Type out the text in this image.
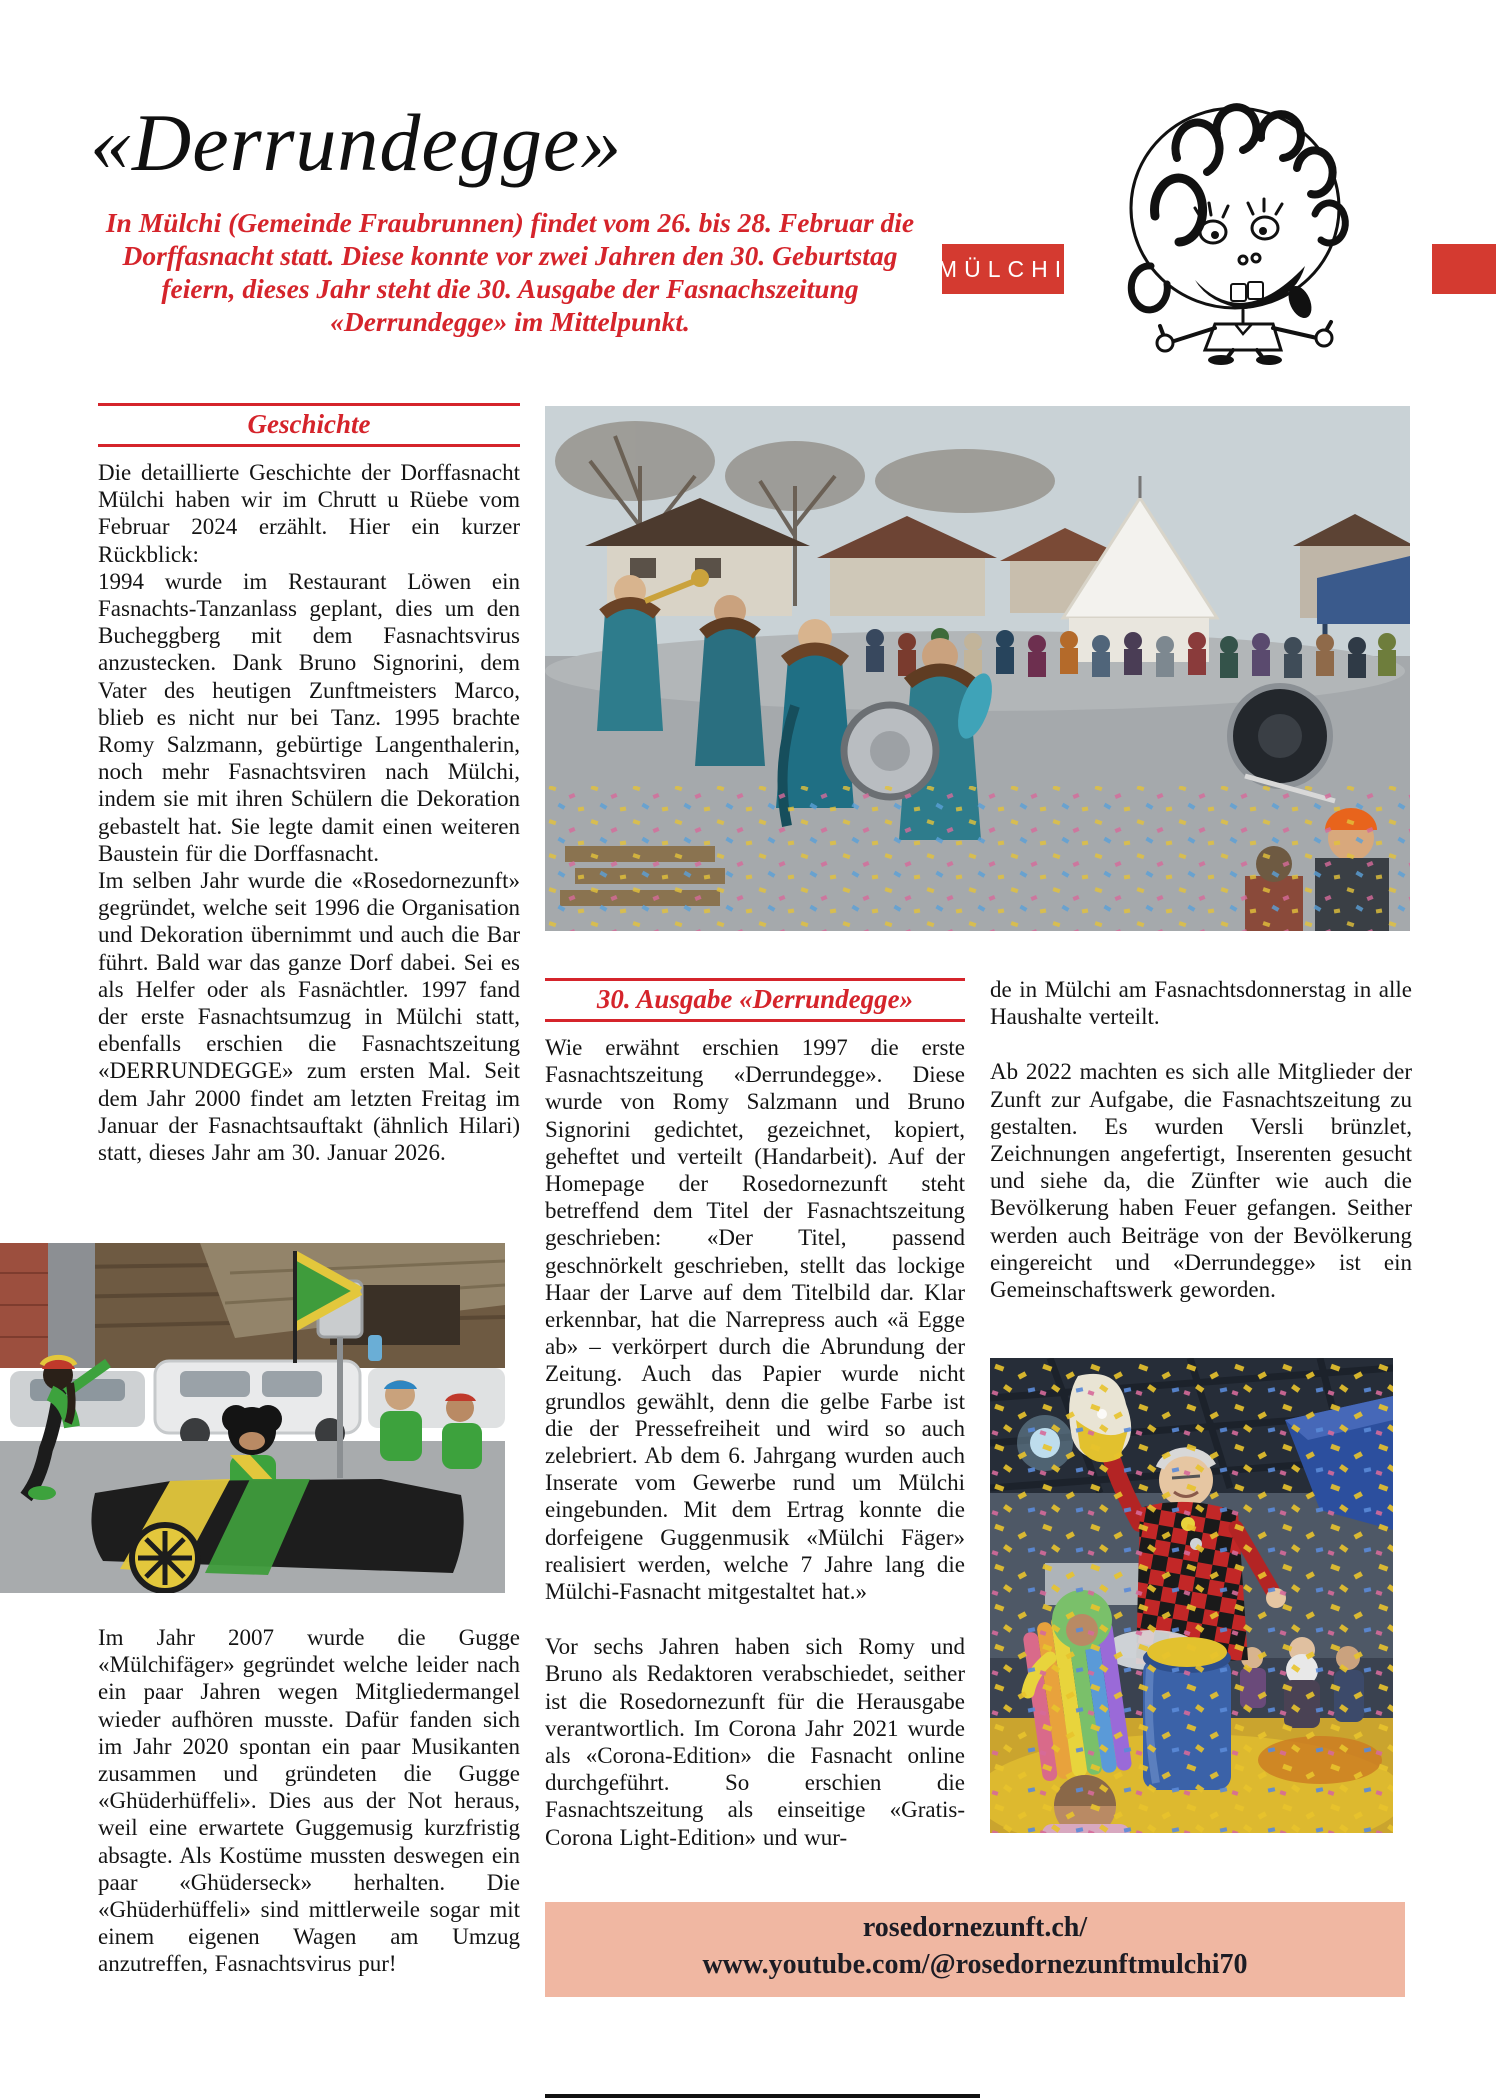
«Derrundegge»
In Mülchi (Gemeinde Fraubrunnen) findet vom 26. bis 28. Februar die
Dorffasnacht statt. Diese konnte vor zwei Jahren den 30. Geburtstag
feiern, dieses Jahr steht die 30. Ausgabe der Fasnachszeitung
«Derrundegge» im Mittelpunkt.
MÜLCHI
Geschichte

Die detaillierte Geschichte der Dorffasnacht Mülchi haben wir im Chrutt u Rüebe vom Februar 2024 erzählt. Hier ein kurzer Rückblick:

1994 wurde im Restaurant Löwen ein Fasnachts-Tanzanlass geplant, dies um den Bucheggberg mit dem Fasnachtsvirus anzustecken. Dank Bruno Signorini, dem Vater des heutigen Zunftmeisters Marco, blieb es nicht nur bei Tanz. 1995 brachte Romy Salzmann, gebürtige Langenthalerin, noch mehr Fasnachtsviren nach Mülchi, indem sie mit ihren Schülern die Dekoration gebastelt hat. Sie legte damit einen weiteren Baustein für die Dorffasnacht.

Im selben Jahr wurde die «Rosedornezunft» gegründet, welche seit 1996 die Organisation und Dekoration übernimmt und auch die Bar führt. Bald war das ganze Dorf dabei. Sei es als Helfer oder als Fasnächtler. 1997 fand der erste Fasnachtsumzug in Mülchi statt, ebenfalls erschien die Fasnachtszeitung «DERRUNDEGGE» zum ersten Mal. Seit dem Jahr 2000 findet am letzten Freitag im Januar der Fasnachtsauftakt (ähnlich Hilari) statt, dieses Jahr am 30. Januar 2026.

30. Ausgabe «Derrundegge»

Wie erwähnt erschien 1997 die erste Fasnachtszeitung «Derrundegge». Diese wurde von Romy Salzmann und Bruno Signorini gedichtet, gezeichnet, kopiert, geheftet und verteilt (Handarbeit). Auf der Homepage der Rosedornezunft steht betreffend dem Titel der Fasnachtszeitung geschrieben: «Der Titel, passend geschnörkelt geschrieben, stellt das lockige Haar der Larve auf dem Titelbild dar. Klar erkennbar, hat die Narrepress auch «ä Egge ab» – verkörpert durch die Abrundung der Zeitung. Auch das Papier wurde nicht grundlos gewählt, denn die gelbe Farbe ist die der Pressefreiheit und wird so auch zelebriert. Ab dem 6. Jahrgang wurden auch Inserate vom Gewerbe rund um Mülchi eingebunden. Mit dem Ertrag konnte die dorfeigene Guggenmusik «Mülchi Fäger» realisiert werden, welche 7 Jahre lang die Mülchi-Fasnacht mitgestaltet hat.»

Vor sechs Jahren haben sich Romy und Bruno als Redaktoren verabschiedet, seither ist die Rosedornezunft für die Herausgabe verantwortlich. Im Corona Jahr 2021 wurde als «Corona-Edition» die Fasnacht online durchgeführt. So erschien die Fasnachtszeitung als einseitige «Gratis-Corona Light-Edition» und wur-

de in Mülchi am Fasnachtsdonnerstag in alle Haushalte verteilt.

Ab 2022 machten es sich alle Mitglieder der Zunft zur Aufgabe, die Fasnachtszeitung zu gestalten. Es wurden Versli brünzlet, Zeichnungen angefertigt, Inserenten gesucht und siehe da, die Zünfter wie auch die Bevölkerung haben Feuer gefangen. Seither werden auch Beiträge von der Bevölkerung eingereicht und «Derrundegge» ist ein Gemeinschaftswerk geworden.

Im Jahr 2007 wurde die Gugge «Mülchifäger» gegründet welche leider nach ein paar Jahren wegen Mitgliedermangel wieder aufhören musste. Dafür fanden sich im Jahr 2020 spontan ein paar Musikanten zusammen und gründeten die Gugge «Ghüderhüffeli». Dies aus der Not heraus, weil eine erwartete Guggemusig kurzfristig absagte. Als Kostüme mussten deswegen ein paar «Ghüderseck» herhalten. Die «Ghüderhüffeli» sind mittlerweile sogar mit einem eigenen Wagen am Umzug anzutreffen, Fasnachtsvirus pur!

rosedornezunft.ch/
www.youtube.com/@rosedornezunftmulchi70
